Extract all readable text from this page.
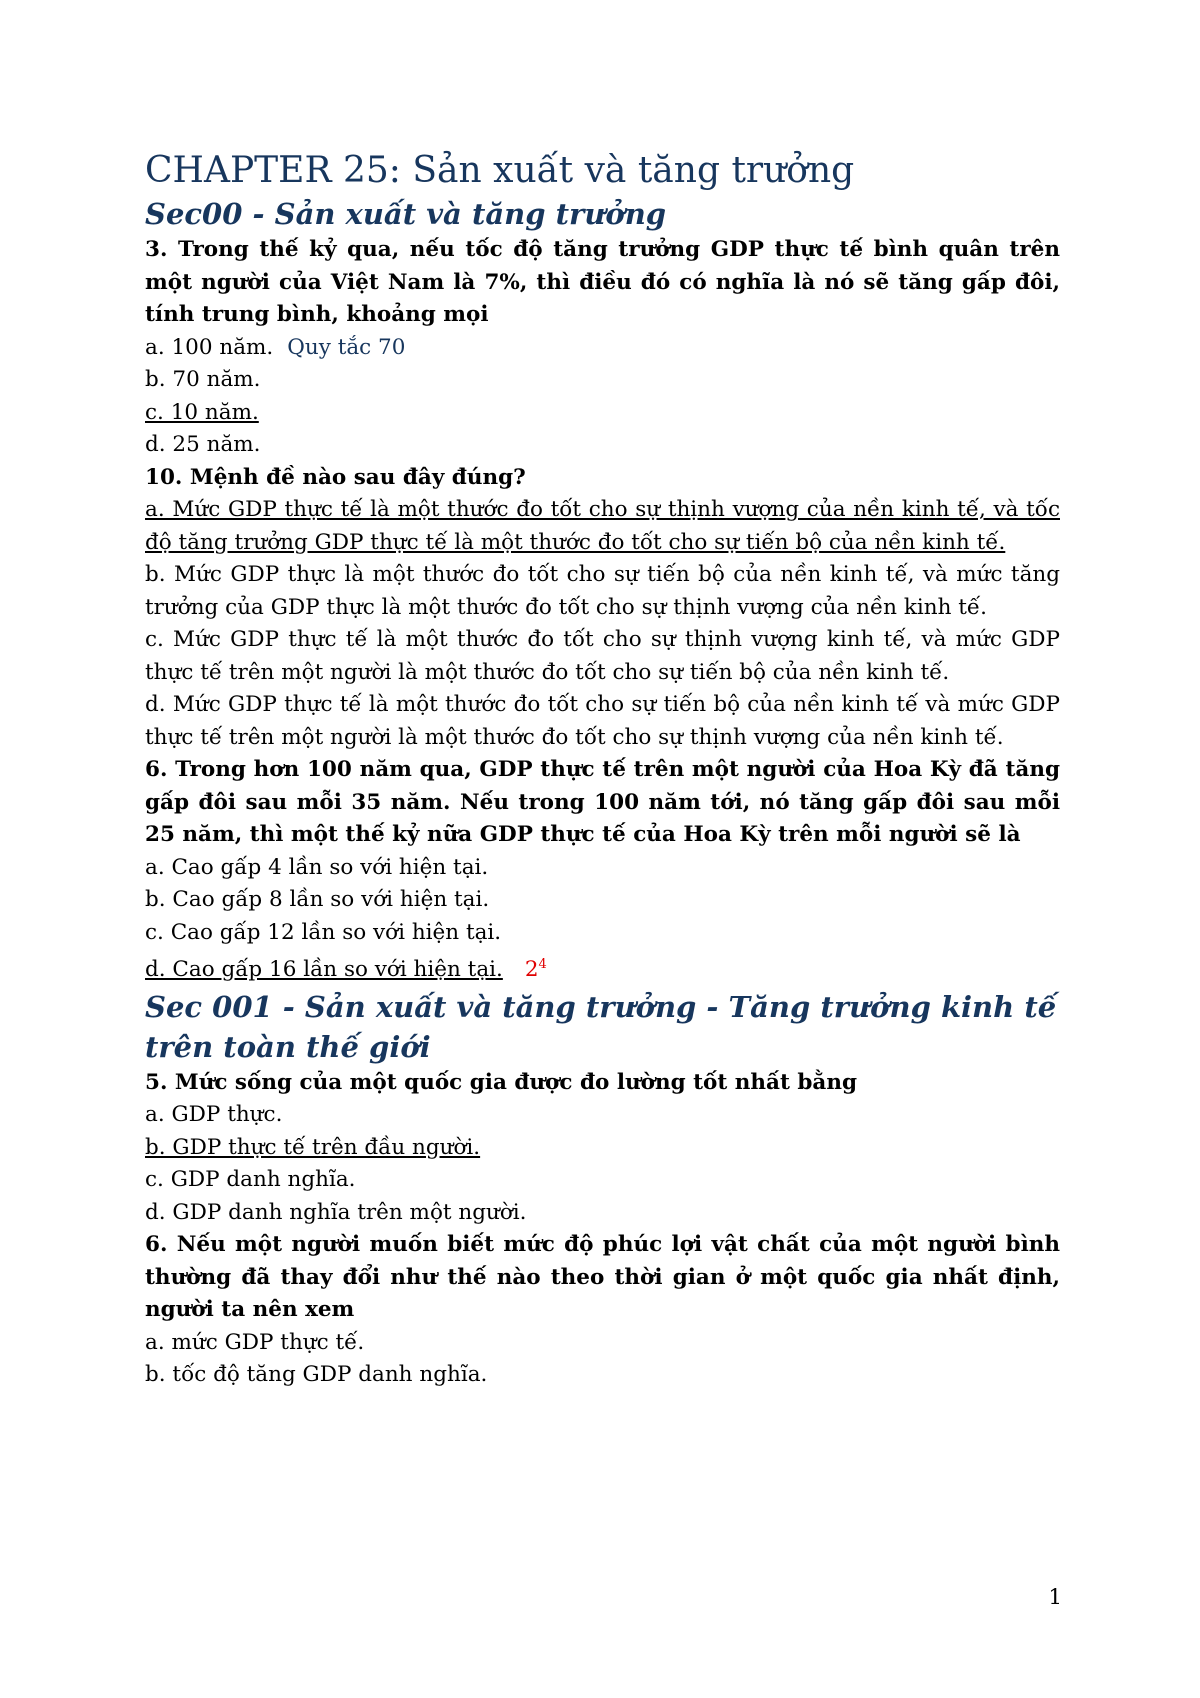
CHAPTER 25: Sản xuất và tăng trưởng
Sec00 - Sản xuất và tăng trưởng

3. Trong thế kỷ qua, nếu tốc độ tăng trưởng GDP thực tế bình quân trên một người của Việt Nam là 7%, thì điều đó có nghĩa là nó sẽ tăng gấp đôi, tính trung bình, khoảng mọi

a. 100 năm. Quy tắc 70

b. 70 năm.

c. 10 năm.

d. 25 năm.

10. Mệnh đề nào sau đây đúng?

a. Mức GDP thực tế là một thước đo tốt cho sự thịnh vượng của nền kinh tế, và tốc độ tăng trưởng GDP thực tế là một thước đo tốt cho sự tiến bộ của nền kinh tế.

b. Mức GDP thực là một thước đo tốt cho sự tiến bộ của nền kinh tế, và mức tăng trưởng của GDP thực là một thước đo tốt cho sự thịnh vượng của nền kinh tế.

c. Mức GDP thực tế là một thước đo tốt cho sự thịnh vượng kinh tế, và mức GDP thực tế trên một người là một thước đo tốt cho sự tiến bộ của nền kinh tế.

d. Mức GDP thực tế là một thước đo tốt cho sự tiến bộ của nền kinh tế và mức GDP thực tế trên một người là một thước đo tốt cho sự thịnh vượng của nền kinh tế.

6. Trong hơn 100 năm qua, GDP thực tế trên một người của Hoa Kỳ đã tăng gấp đôi sau mỗi 35 năm. Nếu trong 100 năm tới, nó tăng gấp đôi sau mỗi 25 năm, thì một thế kỷ nữa GDP thực tế của Hoa Kỳ trên mỗi người sẽ là

a. Cao gấp 4 lần so với hiện tại.

b. Cao gấp 8 lần so với hiện tại.

c. Cao gấp 12 lần so với hiện tại.

d. Cao gấp 16 lần so với hiện tại. $2^4$

Sec 001 - Sản xuất và tăng trưởng - Tăng trưởng kinh tế trên toàn thế giới

5. Mức sống của một quốc gia được đo lường tốt nhất bằng

a. GDP thực.

b. GDP thực tế trên đầu người.

c. GDP danh nghĩa.

d. GDP danh nghĩa trên một người.

6. Nếu một người muốn biết mức độ phúc lợi vật chất của một người bình thường đã thay đổi như thế nào theo thời gian ở một quốc gia nhất định, người ta nên xem

a. mức GDP thực tế.

b. tốc độ tăng GDP danh nghĩa.

1
